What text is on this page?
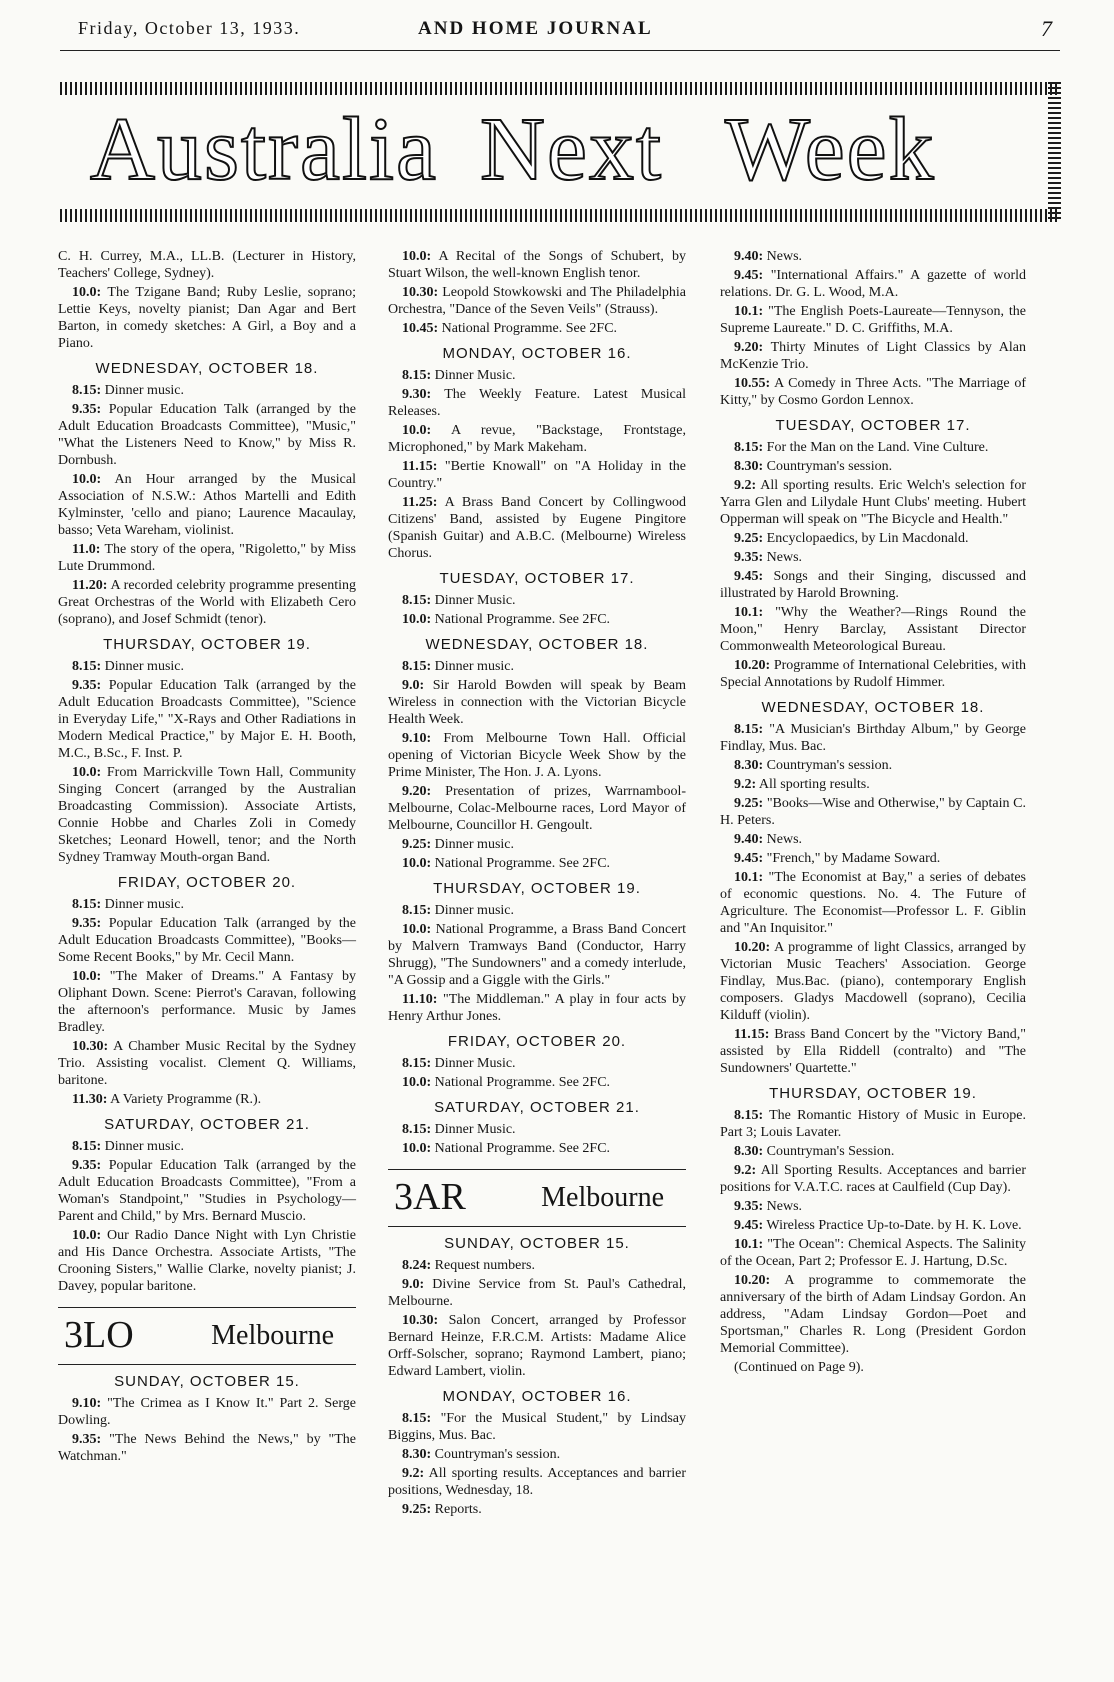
Friday, October 13, 1933.	AND HOME JOURNAL	7
Australia Next Week

C. H. Currey, M.A., LL.B. (Lecturer in History, Teachers' College, Sydney).

10.0: The Tzigane Band; Ruby Leslie, soprano; Lettie Keys, novelty pianist; Dan Agar and Bert Barton, in comedy sketches: A Girl, a Boy and a Piano.

WEDNESDAY, OCTOBER 18.

8.15: Dinner music.

9.35: Popular Education Talk (arranged by the Adult Education Broadcasts Committee), "Music," "What the Listeners Need to Know," by Miss R. Dornbush.

10.0: An Hour arranged by the Musical Association of N.S.W.: Athos Martelli and Edith Kylminster, 'cello and piano; Laurence Macaulay, basso; Veta Wareham, violinist.

11.0: The story of the opera, "Rigoletto," by Miss Lute Drummond.

11.20: A recorded celebrity programme presenting Great Orchestras of the World with Elizabeth Cero (soprano), and Josef Schmidt (tenor).

THURSDAY, OCTOBER 19.

8.15: Dinner music.

9.35: Popular Education Talk (arranged by the Adult Education Broadcasts Committee), "Science in Everyday Life," "X-Rays and Other Radiations in Modern Medical Practice," by Major E. H. Booth, M.C., B.Sc., F. Inst. P.

10.0: From Marrickville Town Hall, Community Singing Concert (arranged by the Australian Broadcasting Commission). Associate Artists, Connie Hobbe and Charles Zoli in Comedy Sketches; Leonard Howell, tenor; and the North Sydney Tramway Mouth-organ Band.

FRIDAY, OCTOBER 20.

8.15: Dinner music.

9.35: Popular Education Talk (arranged by the Adult Education Broadcasts Committee), "Books—Some Recent Books," by Mr. Cecil Mann.

10.0: "The Maker of Dreams." A Fantasy by Oliphant Down. Scene: Pierrot's Caravan, following the afternoon's performance. Music by James Bradley.

10.30: A Chamber Music Recital by the Sydney Trio. Assisting vocalist. Clement Q. Williams, baritone.

11.30: A Variety Programme (R.).

SATURDAY, OCTOBER 21.

8.15: Dinner music.

9.35: Popular Education Talk (arranged by the Adult Education Broadcasts Committee), "From a Woman's Standpoint," "Studies in Psychology—Parent and Child," by Mrs. Bernard Muscio.

10.0: Our Radio Dance Night with Lyn Christie and His Dance Orchestra. Associate Artists, "The Crooning Sisters," Wallie Clarke, novelty pianist; J. Davey, popular baritone.

3LO	Melbourne
SUNDAY, OCTOBER 15.

9.10: "The Crimea as I Know It." Part 2. Serge Dowling.

9.35: "The News Behind the News," by "The Watchman."

10.0: A Recital of the Songs of Schubert, by Stuart Wilson, the well-known English tenor.

10.30: Leopold Stowkowski and The Philadelphia Orchestra, "Dance of the Seven Veils" (Strauss).

10.45: National Programme. See 2FC.

MONDAY, OCTOBER 16.

8.15: Dinner Music.

9.30: The Weekly Feature. Latest Musical Releases.

10.0: A revue, "Backstage, Frontstage, Microphoned," by Mark Makeham.

11.15: "Bertie Knowall" on "A Holiday in the Country."

11.25: A Brass Band Concert by Collingwood Citizens' Band, assisted by Eugene Pingitore (Spanish Guitar) and A.B.C. (Melbourne) Wireless Chorus.

TUESDAY, OCTOBER 17.

8.15: Dinner Music.

10.0: National Programme. See 2FC.

WEDNESDAY, OCTOBER 18.

8.15: Dinner music.

9.0: Sir Harold Bowden will speak by Beam Wireless in connection with the Victorian Bicycle Health Week.

9.10: From Melbourne Town Hall. Official opening of Victorian Bicycle Week Show by the Prime Minister, The Hon. J. A. Lyons.

9.20: Presentation of prizes, Warrnambool-Melbourne, Colac-Melbourne races, Lord Mayor of Melbourne, Councillor H. Gengoult.

9.25: Dinner music.

10.0: National Programme. See 2FC.

THURSDAY, OCTOBER 19.

8.15: Dinner music.

10.0: National Programme, a Brass Band Concert by Malvern Tramways Band (Conductor, Harry Shrugg), "The Sundowners" and a comedy interlude, "A Gossip and a Giggle with the Girls."

11.10: "The Middleman." A play in four acts by Henry Arthur Jones.

FRIDAY, OCTOBER 20.

8.15: Dinner Music.

10.0: National Programme. See 2FC.

SATURDAY, OCTOBER 21.

8.15: Dinner Music.

10.0: National Programme. See 2FC.

3AR	Melbourne
SUNDAY, OCTOBER 15.

8.24: Request numbers.

9.0: Divine Service from St. Paul's Cathedral, Melbourne.

10.30: Salon Concert, arranged by Professor Bernard Heinze, F.R.C.M. Artists: Madame Alice Orff-Solscher, soprano; Raymond Lambert, piano; Edward Lambert, violin.

MONDAY, OCTOBER 16.

8.15: "For the Musical Student," by Lindsay Biggins, Mus. Bac.

8.30: Countryman's session.

9.2: All sporting results. Acceptances and barrier positions, Wednesday, 18.

9.25: Reports.

9.40: News.

9.45: "International Affairs." A gazette of world relations. Dr. G. L. Wood, M.A.

10.1: "The English Poets-Laureate—Tennyson, the Supreme Laureate." D. C. Griffiths, M.A.

9.20: Thirty Minutes of Light Classics by Alan McKenzie Trio.

10.55: A Comedy in Three Acts. "The Marriage of Kitty," by Cosmo Gordon Lennox.

TUESDAY, OCTOBER 17.

8.15: For the Man on the Land. Vine Culture.

8.30: Countryman's session.

9.2: All sporting results. Eric Welch's selection for Yarra Glen and Lilydale Hunt Clubs' meeting. Hubert Opperman will speak on "The Bicycle and Health."

9.25: Encyclopaedics, by Lin Macdonald.

9.35: News.

9.45: Songs and their Singing, discussed and illustrated by Harold Browning.

10.1: "Why the Weather?—Rings Round the Moon," Henry Barclay, Assistant Director Commonwealth Meteorological Bureau.

10.20: Programme of International Celebrities, with Special Annotations by Rudolf Himmer.

WEDNESDAY, OCTOBER 18.

8.15: "A Musician's Birthday Album," by George Findlay, Mus. Bac.

8.30: Countryman's session.

9.2: All sporting results.

9.25: "Books—Wise and Otherwise," by Captain C. H. Peters.

9.40: News.

9.45: "French," by Madame Soward.

10.1: "The Economist at Bay," a series of debates of economic questions. No. 4. The Future of Agriculture. The Economist—Professor L. F. Giblin and "An Inquisitor."

10.20: A programme of light Classics, arranged by Victorian Music Teachers' Association. George Findlay, Mus.Bac. (piano), contemporary English composers. Gladys Macdowell (soprano), Cecilia Kilduff (violin).

11.15: Brass Band Concert by the "Victory Band," assisted by Ella Riddell (contralto) and "The Sundowners' Quartette."

THURSDAY, OCTOBER 19.

8.15: The Romantic History of Music in Europe. Part 3; Louis Lavater.

8.30: Countryman's Session.

9.2: All Sporting Results. Acceptances and barrier positions for V.A.T.C. races at Caulfield (Cup Day).

9.35: News.

9.45: Wireless Practice Up-to-Date. by H. K. Love.

10.1: "The Ocean": Chemical Aspects. The Salinity of the Ocean, Part 2; Professor E. J. Hartung, D.Sc.

10.20: A programme to commemorate the anniversary of the birth of Adam Lindsay Gordon. An address, "Adam Lindsay Gordon—Poet and Sportsman," Charles R. Long (President Gordon Memorial Committee).

(Continued on Page 9).
